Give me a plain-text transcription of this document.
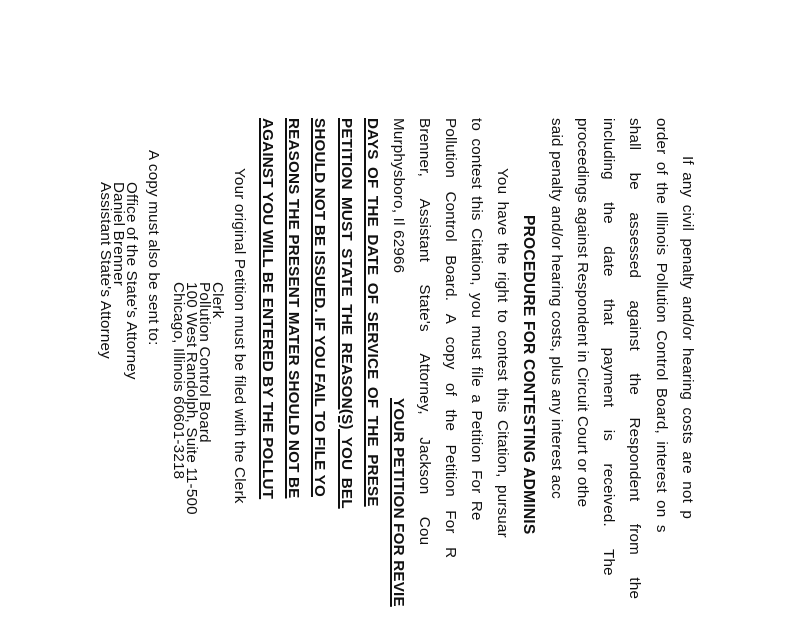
If any civil penalty and/or hearing costs are not p
order of the Illinois Pollution Control Board, interest on s
shall be assessed against the Respondent from the
including the date that payment is received. The
proceedings against Respondent in Circuit Court or othe
said penalty and/or hearing costs, plus any interest acc
PROCEDURE FOR CONTESTING ADMINIS
You have the right to contest this Citation, pursuar
to contest this Citation, you must file a Petition For Re
Pollution Control Board. A copy of the Petition For R
Brenner, Assistant State's Attorney, Jackson Cou
Murphysboro, Il 62966
YOUR PETITION FOR REVIE
DAYS OF THE DATE OF SERVICE OF THE PRESE
PETITION MUST STATE THE REASON(S) YOU BEL
SHOULD NOT BE ISSUED. IF YOU FAIL TO FILE YO
REASONS THE PRESENT MATER SHOULD NOT BE
AGAINST YOU WILL BE ENTERED BY THE POLLUT
Your original Petition must be filed with the Clerk
Clerk
Pollution Control Board
100 West Randolph, Suite 11-500
Chicago, Illinois 60601-3218
A copy must also be sent to:
Office of the State's Attorney
Daniel Brenner
Assistant State's Attorney
